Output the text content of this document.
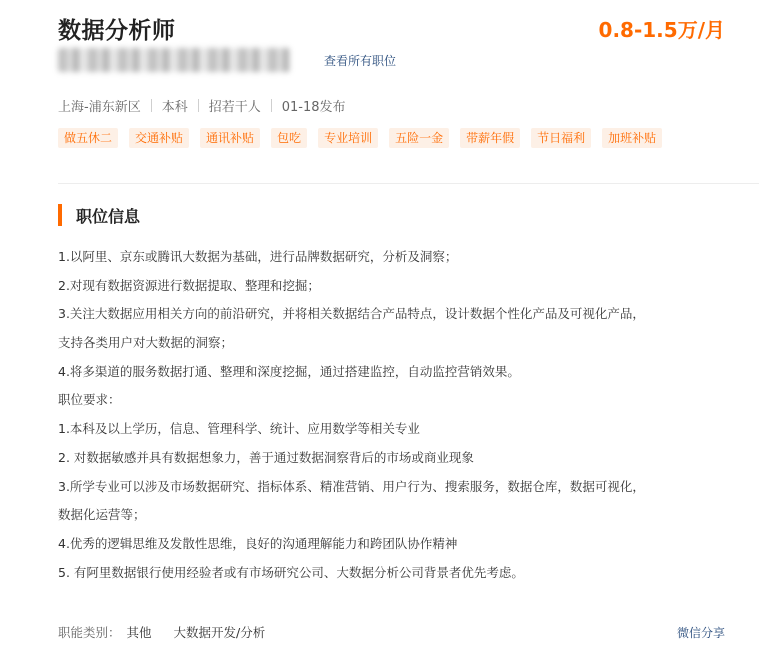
数据分析师	0.8-1.5万/月
查看所有职位
上海-浦东新区 本科 招若干人 01-18发布
做五休二	交通补贴	通讯补贴	包吃	专业培训	五险一金	带薪年假	节日福利	加班补贴
职位信息
1.以阿里、京东或腾讯大数据为基础，进行品牌数据研究，分析及洞察；
2.对现有数据资源进行数据提取、整理和挖掘；
3.关注大数据应用相关方向的前沿研究，并将相关数据结合产品特点，设计数据个性化产品及可视化产品，
支持各类用户对大数据的洞察；
4.将多渠道的服务数据打通、整理和深度挖掘，通过搭建监控，自动监控营销效果。
职位要求：
1.本科及以上学历，信息、管理科学、统计、应用数学等相关专业
2. 对数据敏感并具有数据想象力，善于通过数据洞察背后的市场或商业现象
3.所学专业可以涉及市场数据研究、指标体系、精准营销、用户行为、搜索服务，数据仓库，数据可视化，
数据化运营等；
4.优秀的逻辑思维及发散性思维，良好的沟通理解能力和跨团队协作精神
5. 有阿里数据银行使用经验者或有市场研究公司、大数据分析公司背景者优先考虑。
职能类别： 其他 大数据开发/分析	微信分享
